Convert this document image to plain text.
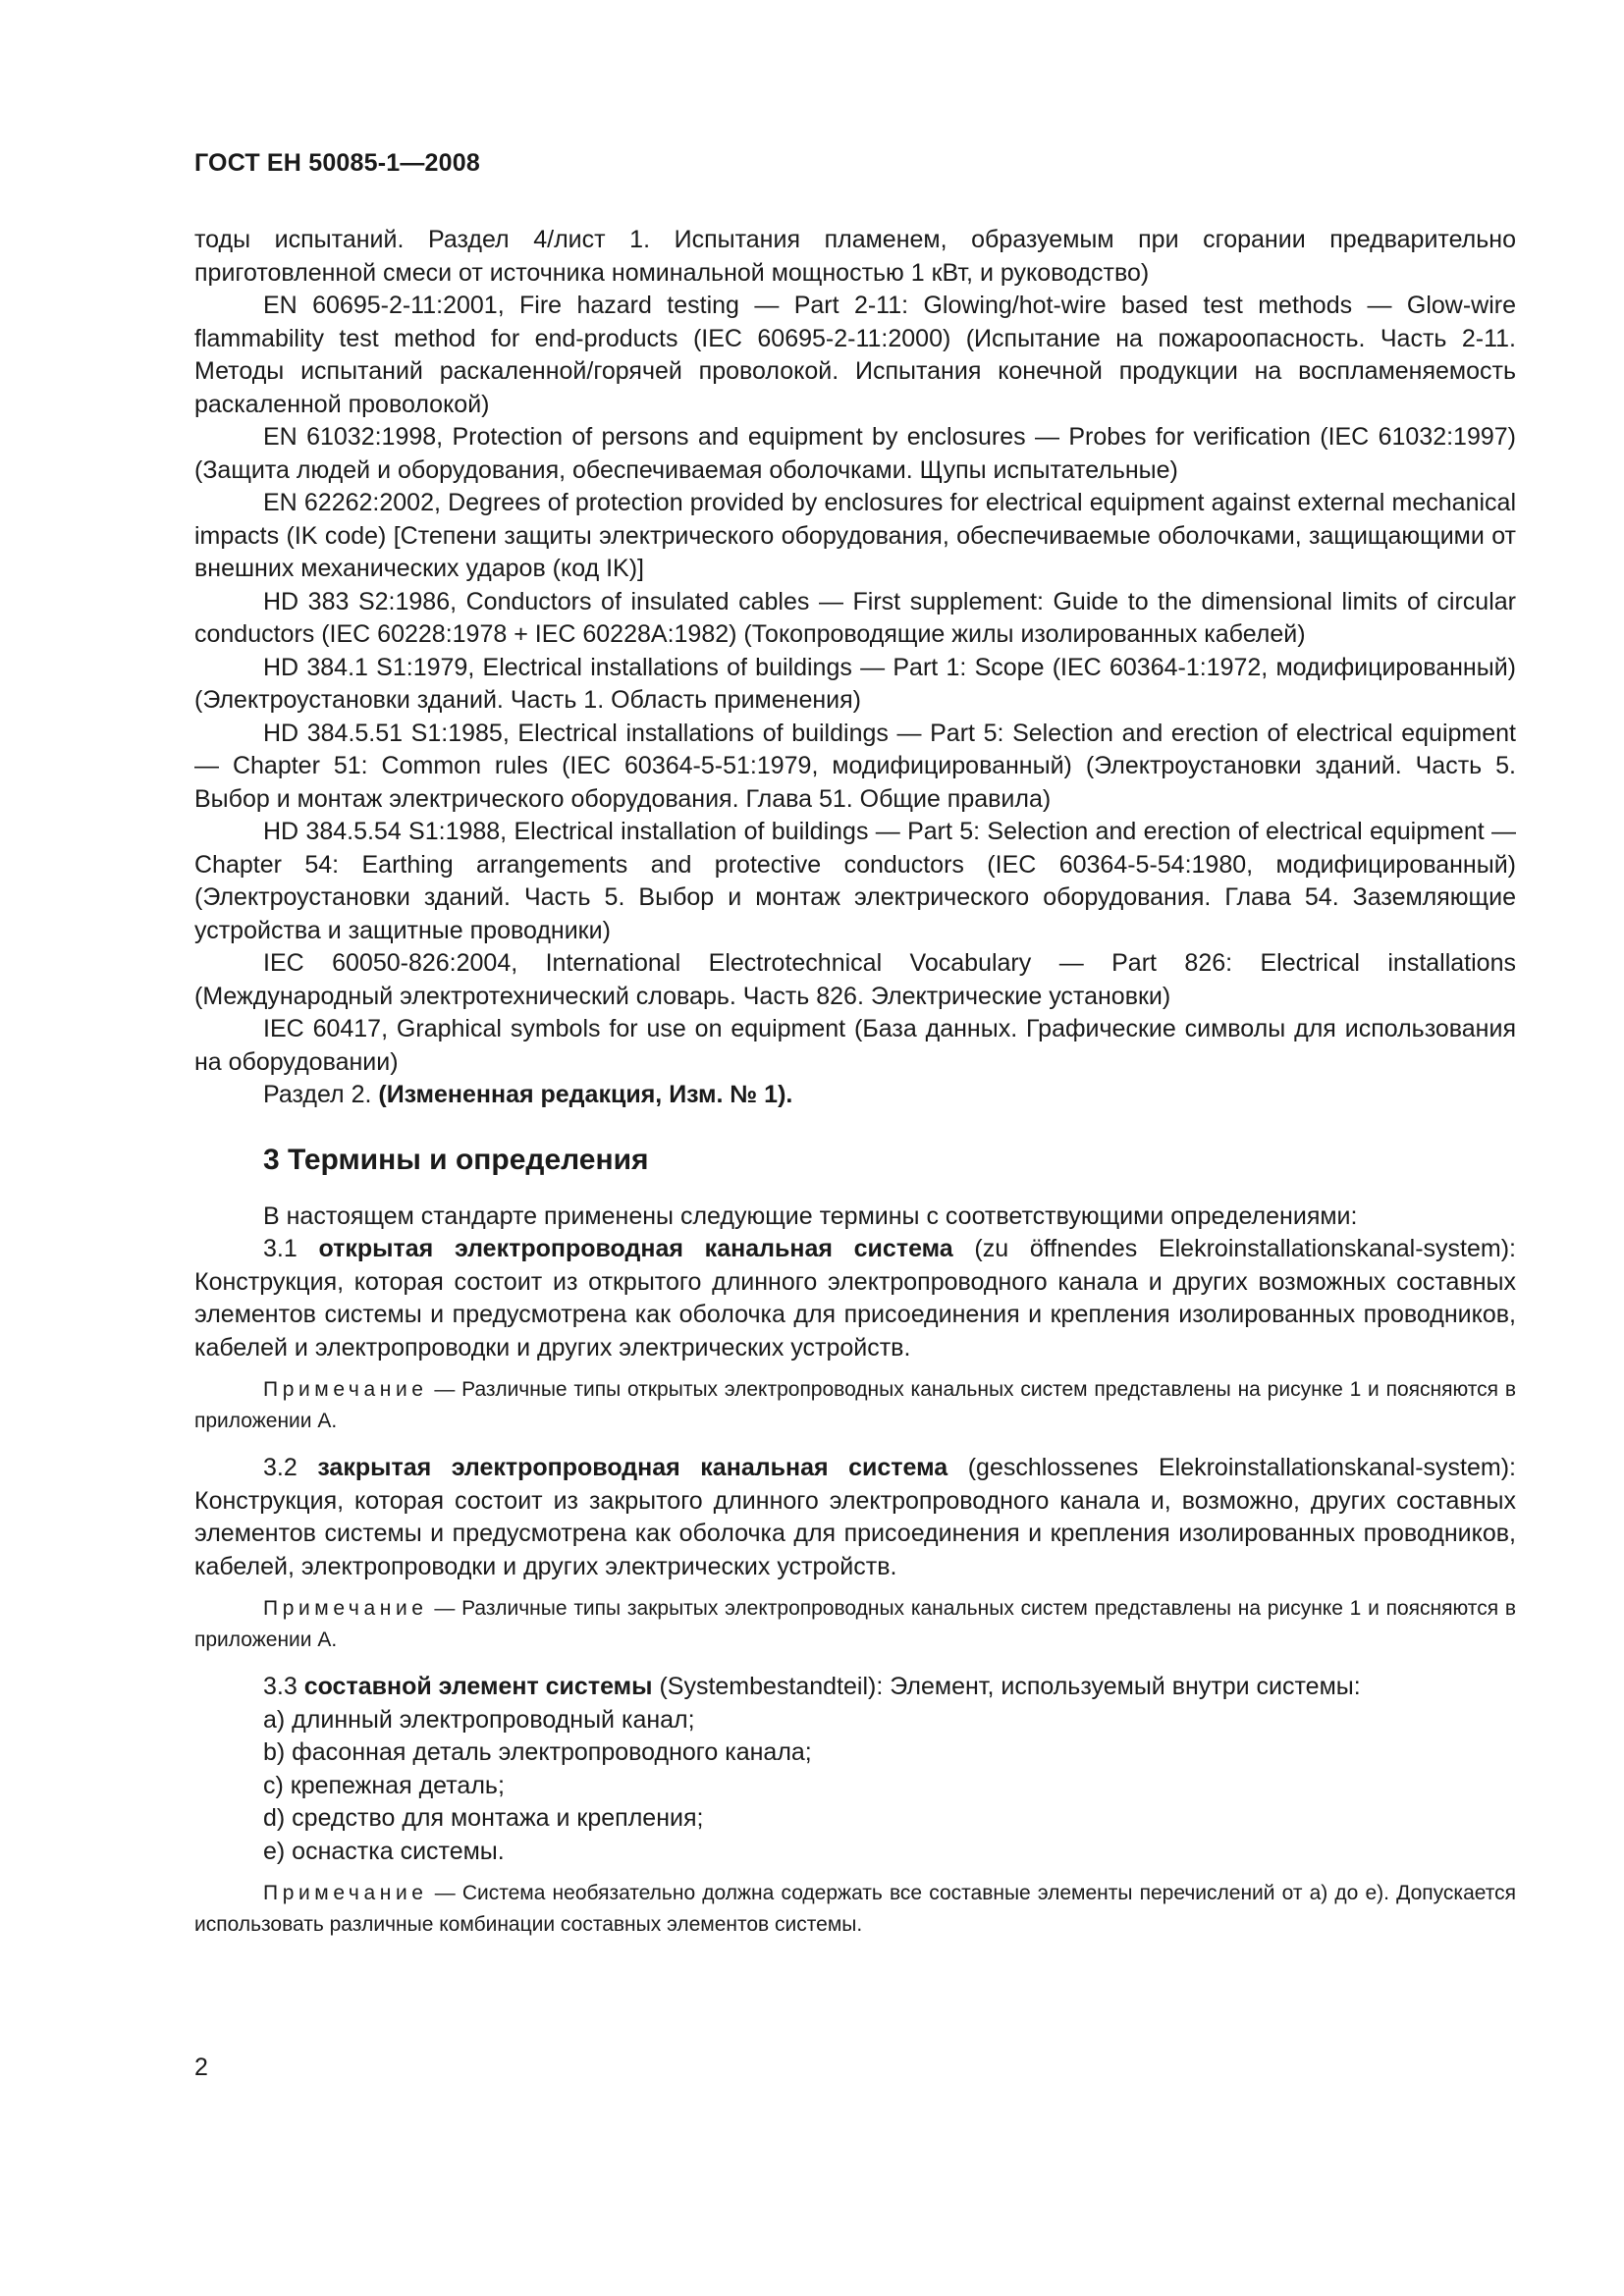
ГОСТ ЕН 50085-1—2008

тоды испытаний. Раздел 4/лист 1. Испытания пламенем, образуемым при сгорании предварительно приготовленной смеси от источника номинальной мощностью 1 кВт, и руководство)

EN 60695-2-11:2001, Fire hazard testing — Part 2-11: Glowing/hot-wire based test methods — Glow-wire flammability test method for end-products (IEC 60695-2-11:2000) (Испытание на пожароопасность. Часть 2-11. Методы испытаний раскаленной/горячей проволокой. Испытания конечной продукции на воспламеняемость раскаленной проволокой)

EN 61032:1998, Protection of persons and equipment by enclosures — Probes for verification (IEC 61032:1997) (Защита людей и оборудования, обеспечиваемая оболочками. Щупы испытательные)

EN 62262:2002, Degrees of protection provided by enclosures for electrical equipment against external mechanical impacts (IK code) [Степени защиты электрического оборудования, обеспечиваемые оболочками, защищающими от внешних механических ударов (код IK)]

HD 383 S2:1986, Conductors of insulated cables — First supplement: Guide to the dimensional limits of circular conductors (IEC 60228:1978 + IEC 60228A:1982) (Токопроводящие жилы изолированных кабелей)

HD 384.1 S1:1979, Electrical installations of buildings — Part 1: Scope (IEC 60364-1:1972, модифицированный) (Электроустановки зданий. Часть 1. Область применения)

HD 384.5.51 S1:1985, Electrical installations of buildings — Part 5: Selection and erection of electrical equipment — Chapter 51: Common rules (IEC 60364-5-51:1979, модифицированный) (Электроустановки зданий. Часть 5. Выбор и монтаж электрического оборудования. Глава 51. Общие правила)

HD 384.5.54 S1:1988, Electrical installation of buildings — Part 5: Selection and erection of electrical equipment — Chapter 54: Earthing arrangements and protective conductors (IEC 60364-5-54:1980, модифицированный) (Электроустановки зданий. Часть 5. Выбор и монтаж электрического оборудования. Глава 54. Заземляющие устройства и защитные проводники)

IEC 60050-826:2004, International Electrotechnical Vocabulary — Part 826: Electrical installations (Международный электротехнический словарь. Часть 826. Электрические установки)

IEC 60417, Graphical symbols for use on equipment (База данных. Графические символы для использования на оборудовании)

Раздел 2. (Измененная редакция, Изм. № 1).

3 Термины и определения

В настоящем стандарте применены следующие термины с соответствующими определениями:

3.1 открытая электропроводная канальная система (zu öffnendes Elekroinstallationskanal-system): Конструкция, которая состоит из открытого длинного электропроводного канала и других возможных составных элементов системы и предусмотрена как оболочка для присоединения и крепления изолированных проводников, кабелей и электропроводки и других электрических устройств.

Примечание — Различные типы открытых электропроводных канальных систем представлены на рисунке 1 и поясняются в приложении А.

3.2 закрытая электропроводная канальная система (geschlossenes Elekroinstallationskanal-system): Конструкция, которая состоит из закрытого длинного электропроводного канала и, возможно, других составных элементов системы и предусмотрена как оболочка для присоединения и крепления изолированных проводников, кабелей, электропроводки и других электрических устройств.

Примечание — Различные типы закрытых электропроводных канальных систем представлены на рисунке 1 и поясняются в приложении А.

3.3 составной элемент системы (Systembestandteil): Элемент, используемый внутри системы:

a) длинный электропроводный канал;

b) фасонная деталь электропроводного канала;

c) крепежная деталь;

d) средство для монтажа и крепления;

e) оснастка системы.

Примечание — Система необязательно должна содержать все составные элементы перечислений от a) до e). Допускается использовать различные комбинации составных элементов системы.

2
